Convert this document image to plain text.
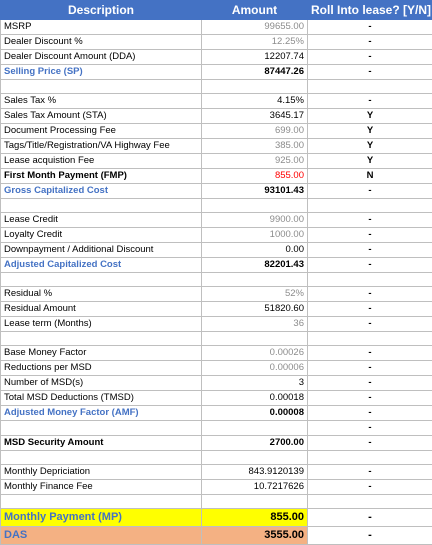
Description	Amount	Roll Into lease? [Y/N]
MSRP	99655.00	-
Dealer Discount %	12.25%	-
Dealer Discount Amount (DDA)	12207.74	-
Selling Price (SP)	87447.26	-

Sales Tax %	4.15%	-
Sales Tax Amount (STA)	3645.17	Y
Document Processing Fee	699.00	Y
Tags/Title/Registration/VA Highway Fee	385.00	Y
Lease acquistion Fee	925.00	Y
First Month Payment (FMP)	855.00	N
Gross Capitalized Cost	93101.43	-

Lease Credit	9900.00	-
Loyalty Credit	1000.00	-
Downpayment / Additional Discount	0.00	-
Adjusted Capitalized Cost	82201.43	-

Residual %	52%	-
Residual Amount	51820.60	-
Lease term (Months)	36	-

Base Money Factor	0.00026	-
Reductions per MSD	0.00006	-
Number of MSD(s)	3	-
Total MSD Deductions (TMSD)	0.00018	-
Adjusted Money Factor (AMF)	0.00008	-
		-
MSD Security Amount	2700.00	-

Monthly Depriciation	843.9120139	-
Monthly Finance Fee	10.7217626	-

Monthly Payment (MP)	855.00	-
DAS	3555.00	-
